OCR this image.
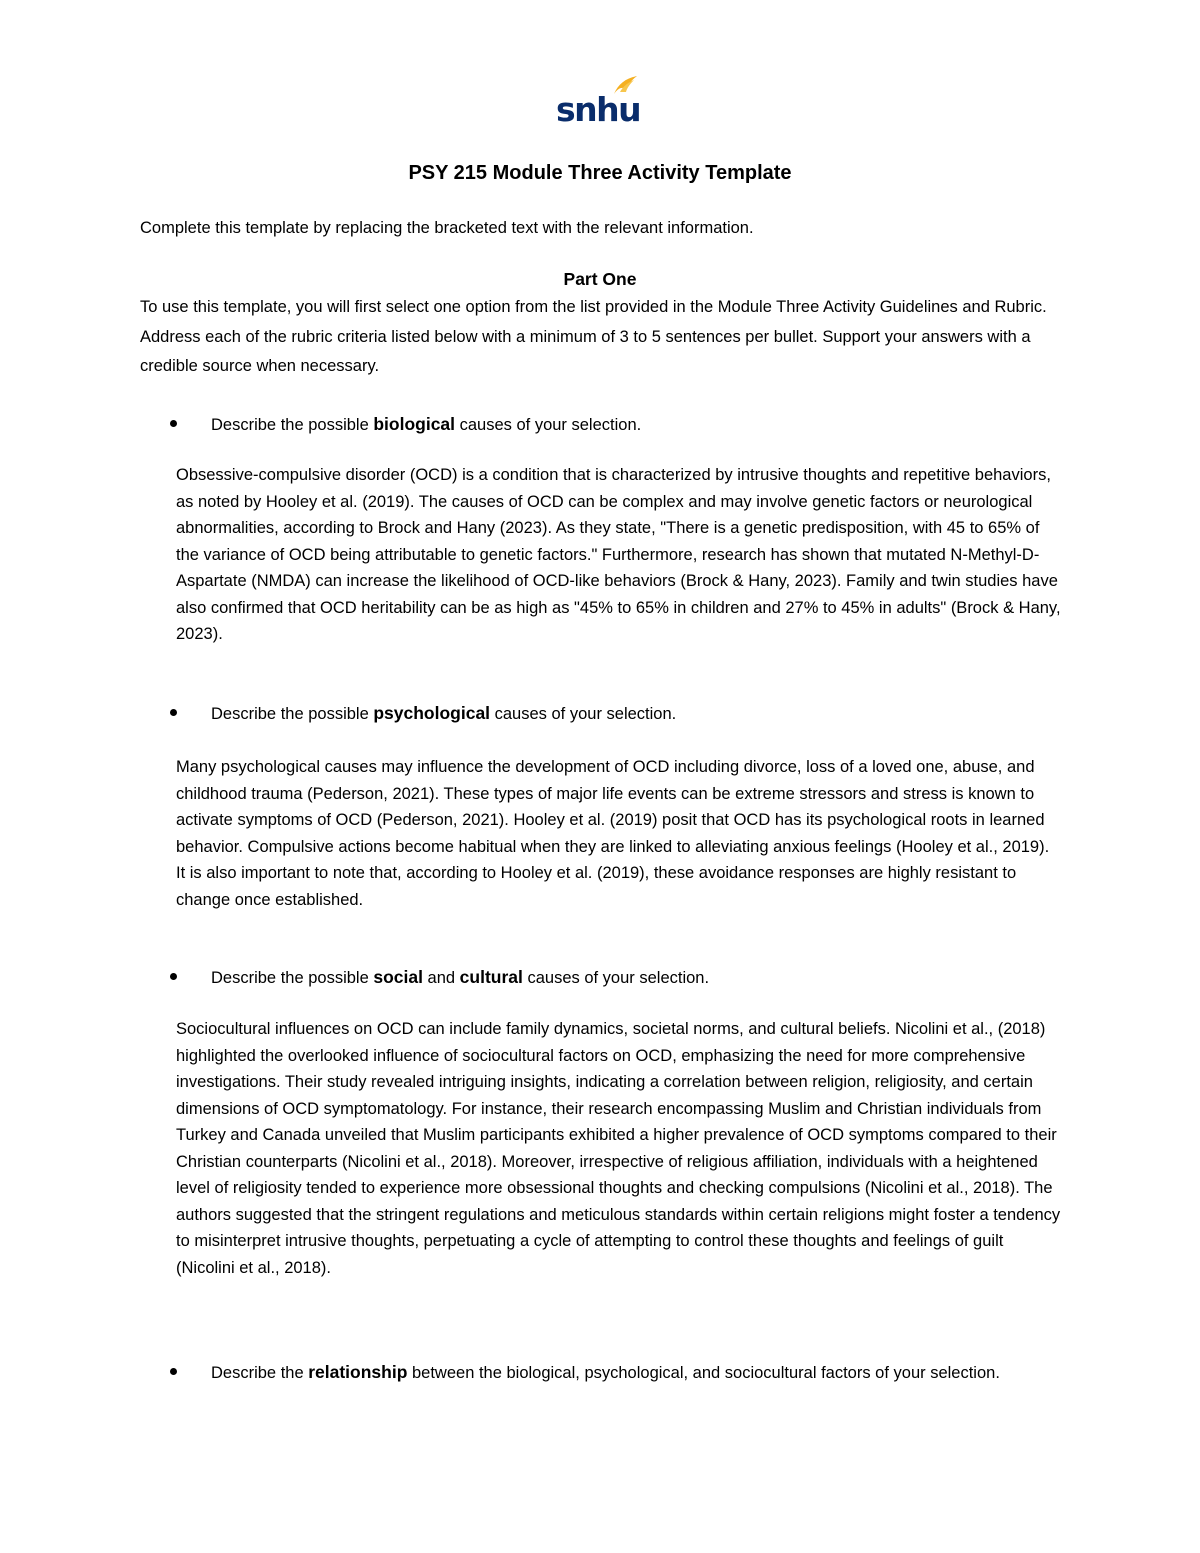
snhu
PSY 215 Module Three Activity Template
Complete this template by replacing the bracketed text with the relevant information.
Part One
To use this template, you will first select one option from the list provided in the Module Three Activity Guidelines and Rubric. Address each of the rubric criteria listed below with a minimum of 3 to 5 sentences per bullet. Support your answers with a credible source when necessary.
Describe the possible biological causes of your selection.
Obsessive-compulsive disorder (OCD) is a condition that is characterized by intrusive thoughts and repetitive behaviors, as noted by Hooley et al. (2019). The causes of OCD can be complex and may involve genetic factors or neurological abnormalities, according to Brock and Hany (2023). As they state, "There is a genetic predisposition, with 45 to 65% of the variance of OCD being attributable to genetic factors." Furthermore, research has shown that mutated N-Methyl-D-Aspartate (NMDA) can increase the likelihood of OCD-like behaviors (Brock & Hany, 2023). Family and twin studies have also confirmed that OCD heritability can be as high as "45% to 65% in children and 27% to 45% in adults" (Brock & Hany, 2023).
Describe the possible psychological causes of your selection.
Many psychological causes may influence the development of OCD including divorce, loss of a loved one, abuse, and childhood trauma (Pederson, 2021). These types of major life events can be extreme stressors and stress is known to activate symptoms of OCD (Pederson, 2021). Hooley et al. (2019) posit that OCD has its psychological roots in learned behavior. Compulsive actions become habitual when they are linked to alleviating anxious feelings (Hooley et al., 2019). It is also important to note that, according to Hooley et al. (2019), these avoidance responses are highly resistant to change once established.
Describe the possible social and cultural causes of your selection.
Sociocultural influences on OCD can include family dynamics, societal norms, and cultural beliefs. Nicolini et al., (2018) highlighted the overlooked influence of sociocultural factors on OCD, emphasizing the need for more comprehensive investigations. Their study revealed intriguing insights, indicating a correlation between religion, religiosity, and certain dimensions of OCD symptomatology. For instance, their research encompassing Muslim and Christian individuals from Turkey and Canada unveiled that Muslim participants exhibited a higher prevalence of OCD symptoms compared to their Christian counterparts (Nicolini et al., 2018). Moreover, irrespective of religious affiliation, individuals with a heightened level of religiosity tended to experience more obsessional thoughts and checking compulsions (Nicolini et al., 2018). The authors suggested that the stringent regulations and meticulous standards within certain religions might foster a tendency to misinterpret intrusive thoughts, perpetuating a cycle of attempting to control these thoughts and feelings of guilt (Nicolini et al., 2018).
Describe the relationship between the biological, psychological, and sociocultural factors of your selection.
